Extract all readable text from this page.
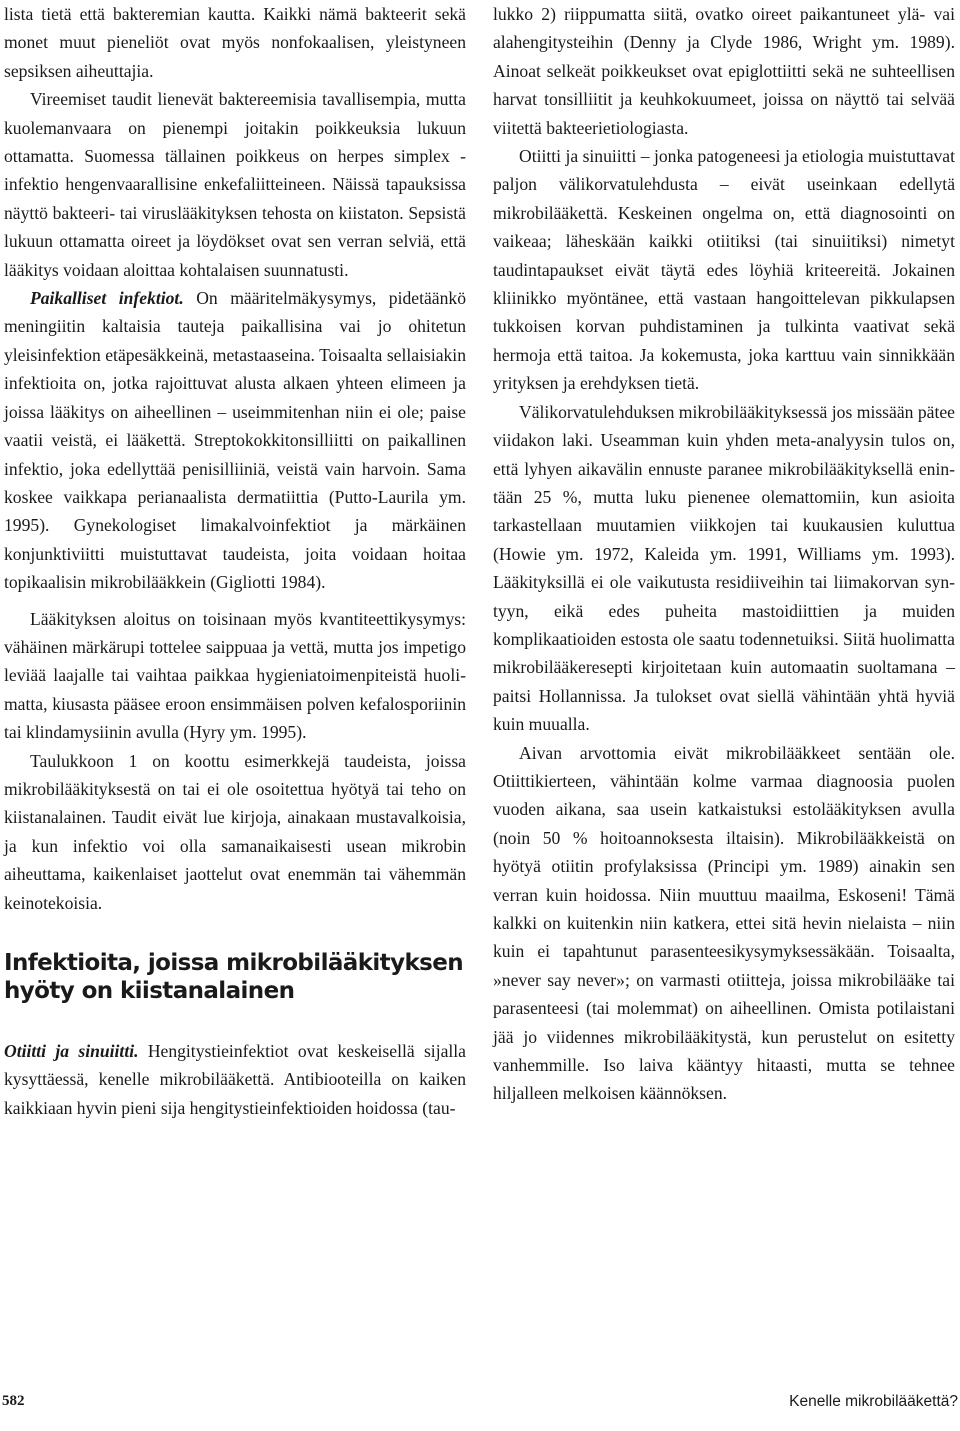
lista tietä että bakteremian kautta. Kaikki nämä bakteerit sekä monet muut pieneliöt ovat myös nonfokaalisen, yleistyneen sepsiksen aiheuttajia.

Vireemiset taudit lienevät baktereemisia tavallisempia, mutta kuolemanvaara on pienempi joitakin poikkeuksia lukuun ottamatta. Suomessa tällainen poikkeus on herpes simplex -infektio hengenvaarallisine enkefaliitteineen. Näissä tapauksissa näyttö bakteeri- tai viruslääkityksen tehosta on kiistaton. Sepsistä lukuun ottamatta oireet ja löydökset ovat sen verran selviä, että lääkitys voidaan aloittaa kohtalaisen suunnatusti.

Paikalliset infektiot. On määritelmäkysymys, pidetäänkö meningiitin kaltaisia tauteja paikallisina vai jo ohitetun yleisinfektion etäpesäkkeinä, metastaaseina. Toisaalta sellaisiakin infektioita on, jotka rajoittuvat alusta alkaen yhteen elimeen ja joissa lääkitys on aiheellinen – useimmitenhan niin ei ole; paise vaatii veistä, ei lääkettä. Streptokokkitonsilliitti on paikallinen infektio, joka edellyttää penisilliiniä, veistä vain harvoin. Sama koskee vaikkapa perianaalista dermatiittia (Putto-Laurila ym. 1995). Gynekologiset limakalvoinfektiot ja märkäinen konjunktiviitti muistuttavat taudeista, joita voidaan hoitaa topikaalisin mikrobilääkkein (Gigliotti 1984).

Lääkityksen aloitus on toisinaan myös kvantiteettikysymys: vähäinen märkärupi tottelee saippuaa ja vettä, mutta jos impetigo leviää laajalle tai vaihtaa paikkaa hygieniatoimenpiteistä huolimatta, kiusasta pääsee eroon ensimmäisen polven kefalosporiinin tai klindamysiinin avulla (Hyry ym. 1995).

Taulukkoon 1 on koottu esimerkkejä taudeista, joissa mikrobilääkityksestä on tai ei ole osoitettua hyötyä tai teho on kiistanalainen. Taudit eivät lue kirjoja, ainakaan mustavalkoisia, ja kun infektio voi olla samanaikaisesti usean mikrobin aiheuttama, kaikenlaiset jaottelut ovat enemmän tai vähemmän keinotekoisia.

Infektioita, joissa mikrobilääkityksen hyöty on kiistanalainen

Otiitti ja sinuiitti. Hengitystieinfektiot ovat keskeisellä sijalla kysyttäessä, kenelle mikrobilääkettä. Antibiooteilla on kaiken kaikkiaan hyvin pieni sija hengitystieinfektioiden hoidossa (tau-

lukko 2) riippumatta siitä, ovatko oireet paikantuneet ylä- vai alahengitysteihin (Denny ja Clyde 1986, Wright ym. 1989). Ainoat selkeät poikkeukset ovat epiglottiitti sekä ne suhteellisen harvat tonsilliitit ja keuhkokuumeet, joissa on näyttö tai selvää viitettä bakteerietiologiasta.

Otiitti ja sinuiitti – jonka patogeneesi ja etiologia muistuttavat paljon välikorvatulehdusta – eivät useinkaan edellytä mikrobilääkettä. Keskeinen ongelma on, että diagnosointi on vaikeaa; läheskään kaikki otiitiksi (tai sinuiitiksi) nimetyt taudintapaukset eivät täytä edes löyhiä kriteereitä. Jokainen kliinikko myöntänee, että vastaan hangoittelevan pikkulapsen tukkoisen korvan puhdistaminen ja tulkinta vaativat sekä hermoja että taitoa. Ja kokemusta, joka karttuu vain sinnikkään yrityksen ja erehdyksen tietä.

Välikorvatulehduksen mikrobilääkityksessä jos missään pätee viidakon laki. Useamman kuin yhden meta-analyysin tulos on, että lyhyen aikavälin ennuste paranee mikrobilääkityksellä enintään 25 %, mutta luku pienenee olemattomiin, kun asioita tarkastellaan muutamien viikkojen tai kuukausien kuluttua (Howie ym. 1972, Kaleida ym. 1991, Williams ym. 1993). Lääkityksillä ei ole vaikutusta residiiveihin tai liimakorvan syntyyn, eikä edes puheita mastoidiittien ja muiden komplikaatioiden estosta ole saatu todennetuiksi. Siitä huolimatta mikrobilääkeresepti kirjoitetaan kuin automaatin suoltamana – paitsi Hollannissa. Ja tulokset ovat siellä vähintään yhtä hyviä kuin muualla.

Aivan arvottomia eivät mikrobilääkkeet sentään ole. Otiittikierteen, vähintään kolme varmaa diagnoosia puolen vuoden aikana, saa usein katkaistuksi estolääkityksen avulla (noin 50 % hoitoannoksesta iltaisin). Mikrobilääkkeistä on hyötyä otiitin profylaksissa (Principi ym. 1989) ainakin sen verran kuin hoidossa. Niin muuttuu maailma, Eskoseni! Tämä kalkki on kuitenkin niin katkera, ettei sitä hevin nielaista – niin kuin ei tapahtunut parasenteesikysymyksessäkään. Toisaalta, »never say never»; on varmasti otiitteja, joissa mikrobilääke tai parasenteesi (tai molemmat) on aiheellinen. Omista potilaistani jää jo viidennes mikrobilääkitystä, kun perustelut on esitetty vanhemmille. Iso laiva kääntyy hitaasti, mutta se tehnee hiljalleen melkoisen käännöksen.

582	Kenelle mikrobilääkettä?
